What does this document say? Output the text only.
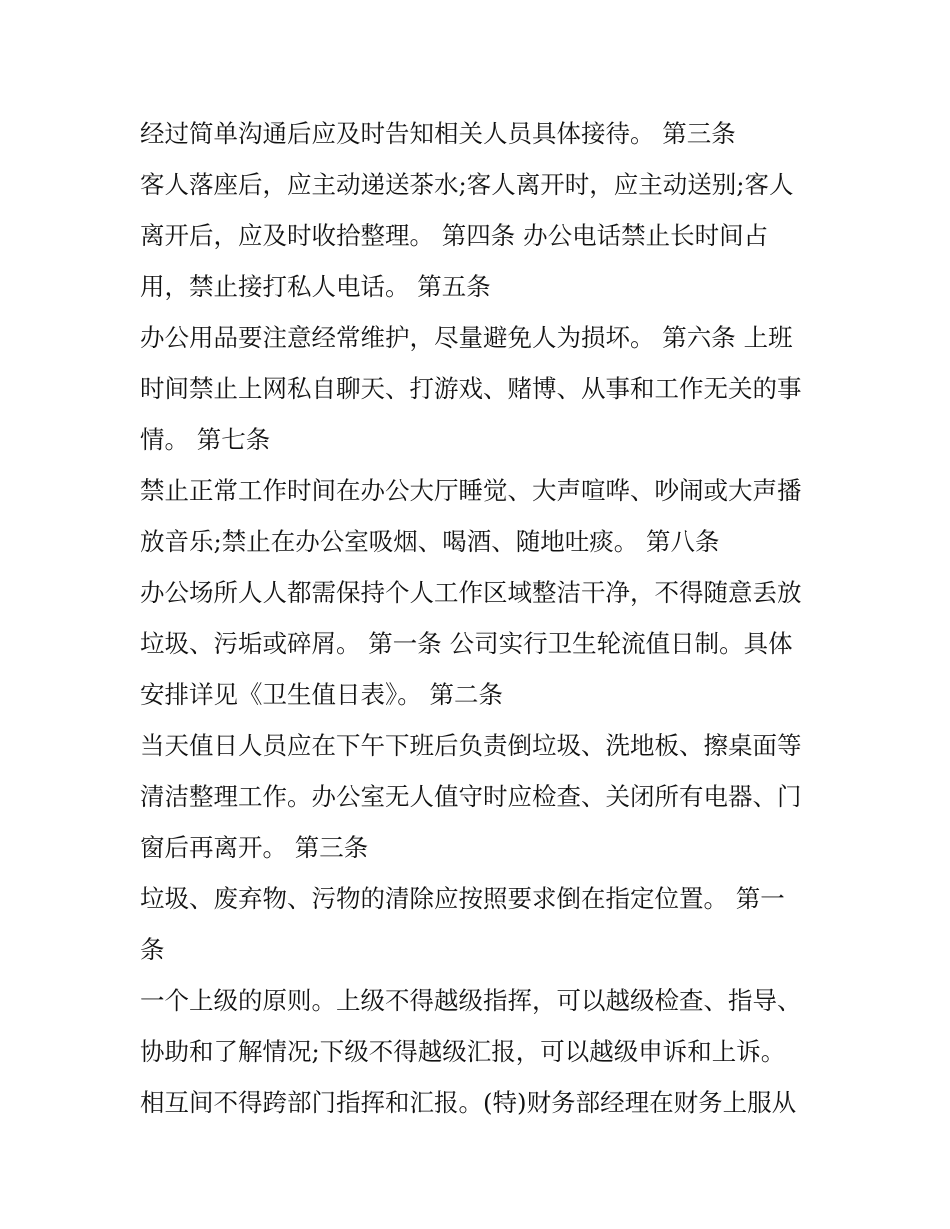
经过简单沟通后应及时告知相关人员具体接待。 第三条
客人落座后，应主动递送茶水;客人离开时，应主动送别;客人
离开后，应及时收拾整理。 第四条 办公电话禁止长时间占
用，禁止接打私人电话。 第五条
办公用品要注意经常维护，尽量避免人为损坏。 第六条 上班
时间禁止上网私自聊天、打游戏、赌博、从事和工作无关的事
情。 第七条
禁止正常工作时间在办公大厅睡觉、大声喧哗、吵闹或大声播
放音乐;禁止在办公室吸烟、喝酒、随地吐痰。 第八条
办公场所人人都需保持个人工作区域整洁干净，不得随意丢放
垃圾、污垢或碎屑。 第一条 公司实行卫生轮流值日制。具体
安排详见《卫生值日表》。 第二条
当天值日人员应在下午下班后负责倒垃圾、洗地板、擦桌面等
清洁整理工作。办公室无人值守时应检查、关闭所有电器、门
窗后再离开。 第三条
垃圾、废弃物、污物的清除应按照要求倒在指定位置。 第一
条
一个上级的原则。上级不得越级指挥，可以越级检查、指导、
协助和了解情况;下级不得越级汇报，可以越级申诉和上诉。
相互间不得跨部门指挥和汇报。(特)财务部经理在财务上服从
